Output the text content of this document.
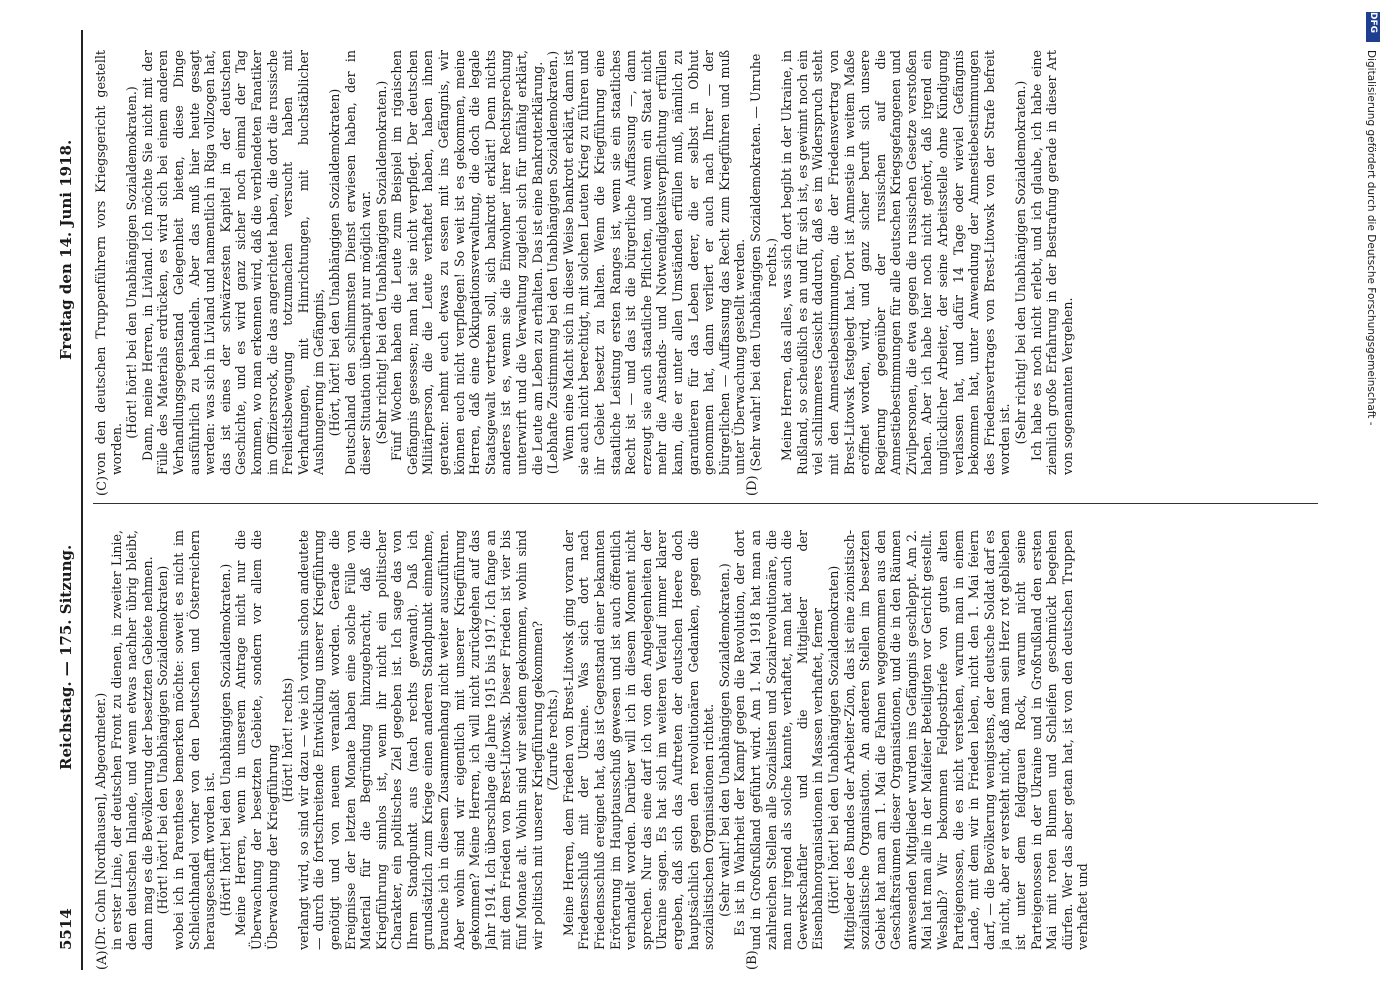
5514
Reichstag. — 175. Sitzung.
Freitag den 14. Juni 1918.
(A)	(B)
(C)	(D)

(Dr. Cohn [Nordhausen], Abgeordneter.) in erster Linie, der deutschen Front zu dienen, in zweiter Linie, dem deutschen Inlande, und wenn etwas nachher übrig bleibt, dann mag es die Bevölkerung der besetzten Gebiete nehmen. (Hört! hört! bei den Unabhängigen Sozialdemokraten) wobei ich in Parenthese bemerken möchte: soweit es nicht im Schleichhandel vorher von den Deutschen und Österreichern herausgeschafft worden ist. (Hört! hört! bei den Unabhängigen Sozialdemokraten.) Meine Herren, wenn in unserem Antrage nicht nur die Überwachung der besetzten Gebiete, sondern vor allem die Überwachung der Kriegführung

(Hört! hört! rechts) verlangt wird, so sind wir dazu — wie ich vorhin schon andeutete — durch die fortschreitende Entwicklung unserer Kriegführung genötigt und von neuem veranlaßt worden. Gerade die Ereignisse der letzten Monate haben eine solche Fülle von Material für die Begründung hinzugebracht, daß die Kriegführung sinnlos ist, wenn ihr nicht ein politischer Charakter, ein politisches Ziel gegeben ist. Ich sage das von Ihrem Standpunkt aus (nach rechts gewandt). Daß ich grundsätzlich zum Kriege einen anderen Standpunkt einnehme, brauche ich in diesem Zusammenhang nicht weiter auszuführen. Aber wohin sind wir eigentlich mit unserer Kriegführung gekommen? Meine Herren, ich will nicht zurückgehen auf das Jahr 1914. Ich überschlage die Jahre 1915 bis 1917. Ich fange an mit dem Frieden von Brest-Litowsk. Dieser Frieden ist vier bis fünf Monate alt. Wohin sind wir seitdem gekommen, wohin sind wir politisch mit unserer Kriegführung gekommen? (Zurufe rechts.) Meine Herren, dem Frieden von Brest-Litowsk ging voran der Friedensschluß mit der Ukraine. Was sich dort nach Friedensschluß ereignet hat, das ist Gegenstand einer bekannten Erörterung im Hauptausschuß gewesen und ist auch öffentlich verhandelt worden. Darüber will ich in diesem Moment nicht sprechen. Nur das eine darf ich von den Angelegenheiten der Ukraine sagen. Es hat sich im weiteren Verlauf immer klarer ergeben, daß sich das Auftreten der deutschen Heere doch hauptsächlich gegen den revolutionären Gedanken, gegen die sozialistischen Organisationen richtet. (Sehr wahr! bei den Unabhängigen Sozialdemokraten.) Es ist in Wahrheit der Kampf gegen die Revolution, der dort und in Großrußland geführt wird. Am 1. Mai 1918 hat man an zahlreichen Stellen alle Sozialisten und Sozialrevolutionäre, die man nur irgend als solche kannte, verhaftet, man hat auch die Gewerkschaftler und die Mitglieder der Eisenbahnorganisationen in Massen verhaftet, ferner (Hört! hört! bei den Unabhängigen Sozialdemokraten) Mitglieder des Bundes der Arbeiter-Zion, das ist eine zionistisch-sozialistische Organisation. An anderen Stellen im besetzten Gebiet hat man am 1. Mai die Fahnen weggenommen aus den Geschäftsräumen dieser Organisationen, und die in den Räumen anwesenden Mitglieder wurden ins Gefängnis geschleppt. Am 2. Mai hat man alle in der Maifeier Beteiligten vor Gericht gestellt. Weshalb? Wir bekommen Feldpostbriefe von guten alten Parteigenossen, die es nicht verstehen, warum man in einem Lande, mit dem wir in Frieden leben, nicht den 1. Mai feiern darf, — die Bevölkerung wenigstens, der deutsche Soldat darf es ja nicht, aber er versteht nicht, daß man sein Herz rot geblieben ist unter dem feldgrauen Rock, warum nicht seine Parteigenossen in der Ukraine und in Großrußland den ersten Mai mit roten Blumen und Schleifen geschmückt begehen dürfen. Wer das aber getan hat, ist von den deutschen Truppen verhaftet und

von den deutschen Truppenführern vors Kriegsgericht gestellt worden.

(Hört! hört! bei den Unabhängigen Sozialdemokraten.) Dann, meine Herren, in Livland. Ich möchte Sie nicht mit der Fülle des Materials erdrücken, es wird sich bei einem anderen Verhandlungsgegenstand Gelegenheit bieten, diese Dinge ausführlich zu behandeln. Aber das muß hier heute gesagt werden: was sich in Livland und namentlich in Riga vollzogen hat, das ist eines der schwärzesten Kapitel in der deutschen Geschichte, und es wird ganz sicher noch einmal der Tag kommen, wo man erkennen wird, daß die verblendeten Fanatiker im Offiziersrock, die das angerichtet haben, die dort die russische Freiheitsbewegung totzumachen versucht haben mit Verhaftungen, mit Hinrichtungen, mit buchstäblicher Aushungerung im Gefängnis, (Hört, hört! bei den Unabhängigen Sozialdemokraten) Deutschland den schlimmsten Dienst erwiesen haben, der in dieser Situation überhaupt nur möglich war. (Sehr richtig! bei den Unabhängigen Sozialdemokraten.) Fünf Wochen haben die Leute zum Beispiel im rigaischen Gefängnis gesessen; man hat sie nicht verpflegt. Der deutschen Militärperson, die die Leute verhaftet haben, haben ihnen geraten: nehmt euch etwas zu essen mit ins Gefängnis, wir können euch nicht verpflegen! So weit ist es gekommen, meine Herren, daß eine Okkupationsverwaltung, die doch die legale Staatsgewalt vertreten soll, sich bankrott erklärt! Denn nichts anderes ist es, wenn sie die Einwohner ihrer Rechtsprechung unterwirft und die Verwaltung zugleich sich für unfähig erklärt, die Leute am Leben zu erhalten. Das ist eine Bankrotterklärung. (Lebhafte Zustimmung bei den Unabhängigen Sozialdemokraten.) Wenn eine Macht sich in dieser Weise bankrott erklärt, dann ist sie auch nicht berechtigt, mit solchen Leuten Krieg zu führen und ihr Gebiet besetzt zu halten. Wenn die Kriegführung eine staatliche Leistung ersten Ranges ist, wenn sie ein staatliches Recht ist — und das ist die bürgerliche Auffassung —, dann erzeugt sie auch staatliche Pflichten, und wenn ein Staat nicht mehr die Anstands- und Notwendigkeitsverpflichtung erfüllen kann, die er unter allen Umständen erfüllen muß, nämlich zu garantieren für das Leben derer, die er selbst in Obhut genommen hat, dann verliert er auch nach Ihrer — der bürgerlichen — Auffassung das Recht zum Kriegführen und muß unter Überwachung gestellt werden. (Sehr wahr! bei den Unabhängigen Sozialdemokraten. — Unruhe rechts.) Meine Herren, das alles, was sich dort begibt in der Ukraine, in Rußland, so scheußlich es an und für sich ist, es gewinnt noch ein viel schlimmeres Gesicht dadurch, daß es im Widerspruch steht mit den Amnestiebestimmungen, die der Friedensvertrag von Brest-Litowsk festgelegt hat. Dort ist Amnestie in weitem Maße eröffnet worden, wird, und ganz sicher beruft sich unsere Regierung gegenüber der russischen auf die Amnestiebestimmungen für alle deutschen Kriegsgefangenen und Zivilpersonen, die etwa gegen die russischen Gesetze verstoßen haben. Aber ich habe hier noch nicht gehört, daß irgend ein unglücklicher Arbeiter, der seine Arbeitsstelle ohne Kündigung verlassen hat, und dafür 14 Tage oder wieviel Gefängnis bekommen hat, unter Anwendung der Amnestiebestimmungen des Friedensvertrages von Brest-Litowsk von der Strafe befreit worden ist. (Sehr richtig! bei den Unabhängigen Sozialdemokraten.) Ich habe es noch nicht erlebt, und ich glaube, ich habe eine ziemlich große Erfahrung in der Bestrafung gerade in dieser Art von sogenannten Vergehen.

DFG
Digitalisierung gefördert durch die Deutsche Forschungsgemeinschaft -
